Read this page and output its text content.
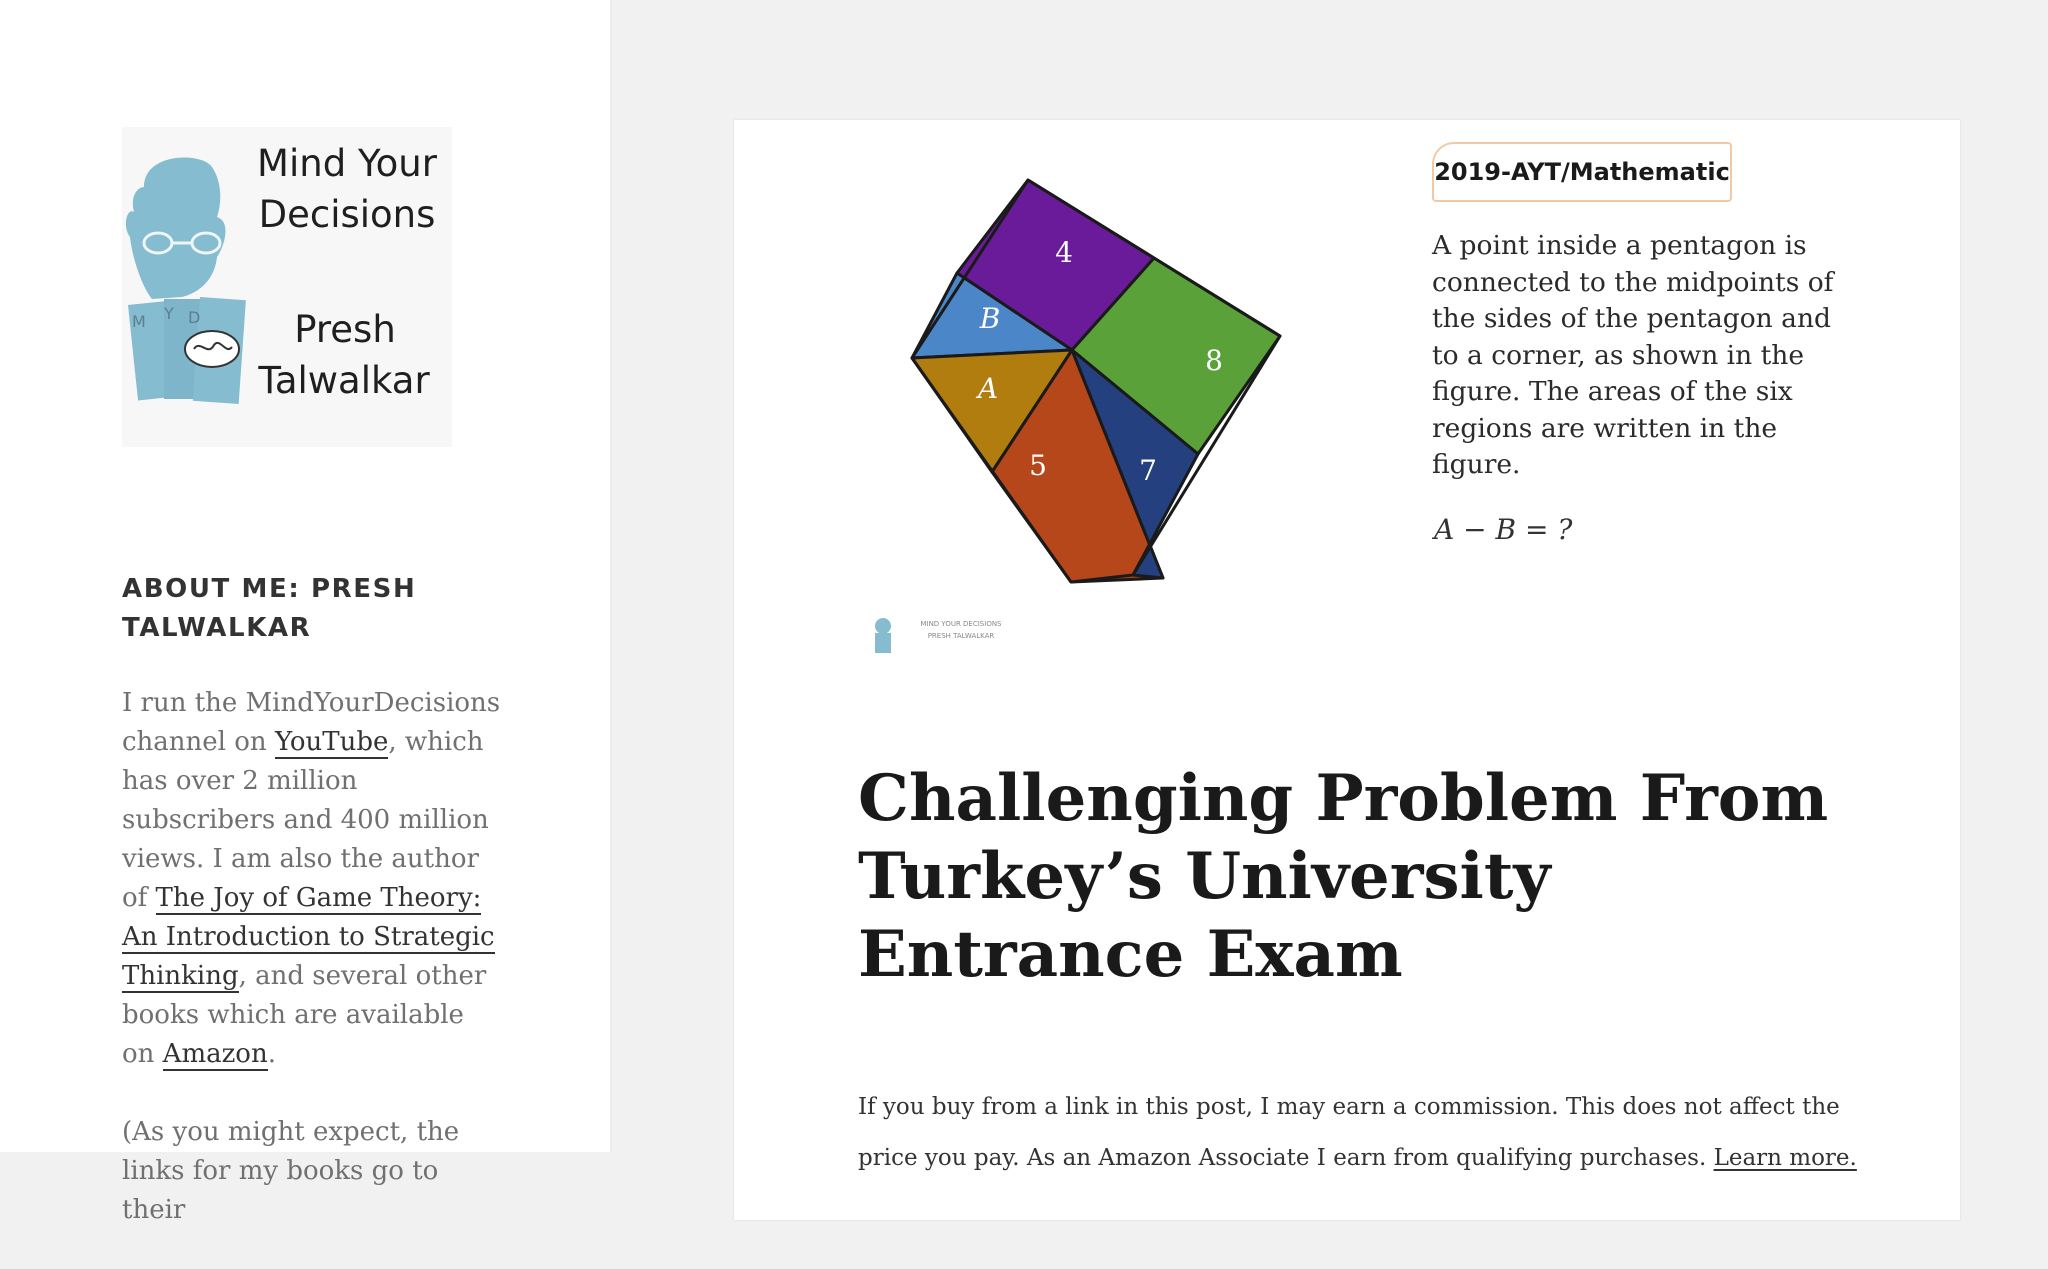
M Y D
Mind Your
Decisions
Presh
Talwalkar
ABOUT ME: PRESH TALWALKAR

I run the MindYourDecisions channel on YouTube, which has over 2 million subscribers and 400 million views. I am also the author of The Joy of Game Theory: An Introduction to Strategic Thinking, and several other books which are available on Amazon.

(As you might expect, the links for my books go to their

4
8
B
A
5	7
2019-AYT/Mathematic
A point inside a pentagon is connected to the midpoints of the sides of the pentagon and to a corner, as shown in the figure. The areas of the six regions are written in the figure.
A − B = ?
MIND YOUR DECISIONS
PRESH TALWALKAR
Challenging Problem From Turkey’s University Entrance Exam

If you buy from a link in this post, I may earn a commission. This does not affect the price you pay. As an Amazon Associate I earn from qualifying purchases. Learn more.
